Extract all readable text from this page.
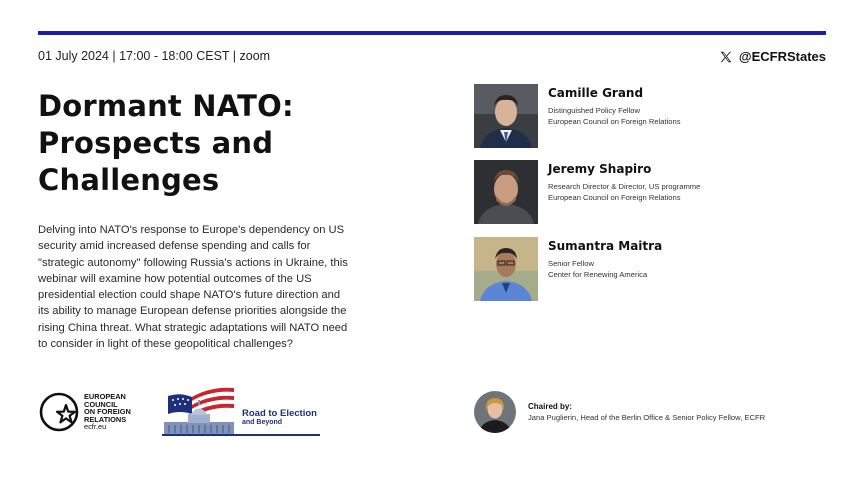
01 July 2024 | 17:00 - 18:00 CEST | zoom	@ECFRStates
Dormant NATO:
Prospects and
Challenges
Delving into NATO's response to Europe's dependency on US security amid increased defense spending and calls for "strategic autonomy" following Russia's actions in Ukraine, this webinar will examine how potential outcomes of the US presidential election could shape NATO's future direction and its ability to manage European defense priorities alongside the rising China threat. What strategic adaptations will NATO need to consider in light of these geopolitical challenges?
EUROPEAN
COUNCIL
ON FOREIGN
RELATIONS
ecfr.eu
Road to Election
and Beyond
Camille Grand
Distinguished Policy Fellow
European Council on Foreign Relations
Jeremy Shapiro
Research Director & Director, US programme
European Council on Foreign Relations
Sumantra Maitra
Senior Fellow
Center for Renewing America
Chaired by:
Jana Puglierin, Head of the Berlin Office & Senior Policy Fellow, ECFR
